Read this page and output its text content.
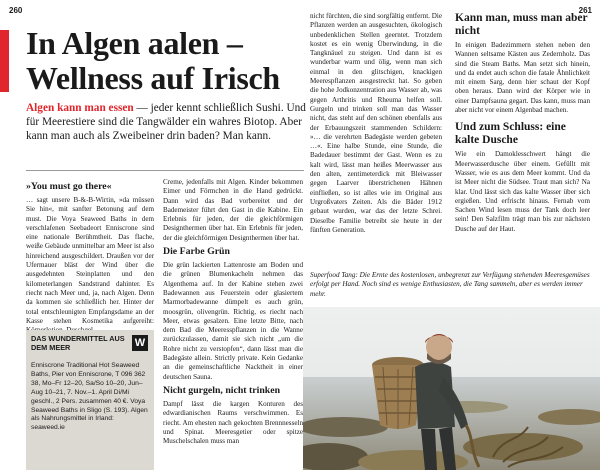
260	261
In Algen aalen – Wellness auf Irisch
Algen kann man essen — jeder kennt schließlich Sushi. Und für Meerestiere sind die Tangwälder ein wahres Biotop. Aber kann man auch als Zweibeiner drin baden? Man kann.
»You must go there«

… sagt unsere B-&-B-Wirtin, »da müssen Sie hin«, mit sanfter Betonung auf dem must. Die Voya Seaweed Baths in dem verschlafenen Seebadeort Enniscrone sind eine nationale Berühmtheit. Das flache, weiße Gebäude unmittelbar am Meer ist also hinreichend ausgeschildert. Draußen vor der Ufermauer bläst der Wind über die ausgedehnten Steinplatten und den kilometerlangen Sandstrand dahinter. Es riecht nach Meer und, ja, nach Algen. Denn da kommen sie schließlich her. Hinter der total entschleunigten Empfangsdame an der Kasse stehen Kosmetika aufgereiht:

DAS WUNDERMITTEL AUS DEM MEER	W
Enniscrone Traditional Hot Seaweed Baths, Pier von Enniscrone, T 096 362 38, Mo–Fr 12–20, Sa/So 10–20, Jun–Aug 10–21, 7. Nov.–1. April Di/Mi geschl., 2 Pers. zusammen 40 €. Voya Seaweed Baths in Sligo (S. 193). Algen als Nahrungsmittel in Irland: seaweed.ie

Creme, jedenfalls mit Algen. Kinder bekommen Eimer und Förmchen in die Hand gedrückt. Dann wird das Bad vorbereitet und der Bademeister führt den Gast in die Kabine. Ein Erlebnis für jeden, der die gleichförmigen Designthermen über hat. Ein Erlebnis für jeden, der die gleichförmigen Designthermen über hat.

Die Farbe Grün

Die grün lackierten Lattenroste am Boden und die grünen Blumenkacheln nehmen das Algenthema auf. In der Kabine stehen zwei Badewannen aus Feuerstein oder glasiertem Marmorbadewanne dümpelt es auch grün, moosgrün, olivengrün. Richtig, es riecht nach Meer, etwas gesalzen. Eine letzte Bitte, nach dem Bad die Meeresspflanzen in die Wanne zurückzulassen, damit sie sich nicht „um die Rohre nicht zu verstopfen“, dann lässt man die Badegäste allein. Strictly private. Kein Gedanke an die gemeinschaftliche Nacktheit in einer deutschen Sauna.

Nicht gurgeln, nicht trinken

Dampf lässt die kargen Konturen des edwardianischen Raums verschwimmen. Es riecht. Am ehesten nach gekochten Brennnesseln und Spinat. Meeresgetier oder spitze Muschelschalen muss man

nicht fürchten, die sind sorgfältig entfernt. Die Pflanzen werden an ausgesuchten, ökologisch unbedenklichen Stellen geerntet. Trotzdem kostet es ein wenig Überwindung, in die Tangknäuel zu steigen. Und dann ist es wunderbar warm und ölig, wenn man sich einmal in den glitschigen, knackigen Meerespflanzen ausgestreckt hat. So geben die hohe Jodkonzentration aus Wasser ab, was gegen Arthritis und Rheuma helfen soll. Gurgeln und trinken soll man das Wasser nicht, das steht auf den schönen ebenfalls aus der Erbauungszeit stammenden Schildern: »… die verehrten Badegäste werden gebeten …«. Eine halbe Stunde, eine Stunde, die Badedauer bestimmt der Gast. Wenn es zu kalt wird, lässt man heißes Meerwasser aus den alten, zentimeterdick mit Bleiwasser gegen Laarver überstrichenen Hähnen einfließen, so ist alles wie im Original aus Urgroßvaters Zeiten. Als die Bäder 1912 gebaut wurden, war das der letzte Schrei. Dieselbe Familie betreibt sie heute in der fünften Generation.

Kann man, muss man aber nicht

In einigen Badezimmern stehen neben den Wannen seltsame Kästen aus Zedernholz. Das sind die Steam Baths. Man setzt sich hinein, und da endet auch schon die fatale Ähnlichkeit mit einem Sarg, denn hier schaut der Kopf oben heraus. Dann wird der Körper wie in einer Dampfsauna gegart. Das kann, muss man aber nicht vor einem Algenbad machen.

Und zum Schluss: eine kalte Dusche

Wie ein Damoklesschwert hängt die Meerwasserdusche über einem. Gefüllt mit Wasser, wie es aus dem Meer kommt. Und da ist Meer nicht die Südsee. Traut man sich? Na klar. Und lässt sich das kalte Wasser über sich ergießen. Und erfrischt hinaus. Fernab vom Sachen Wind lesen muss der Tank doch leer sein! Den Salzfilm trägt man bis zur nächsten Dusche auf der Haut.

Superfood Tang: Die Ernte des kostenlosen, unbegrenzt zur Verfügung stehenden Meeresgemüses erfolgt per Hand. Noch sind es wenige Enthusiasten, die Tang sammeln, aber es werden immer mehr.
